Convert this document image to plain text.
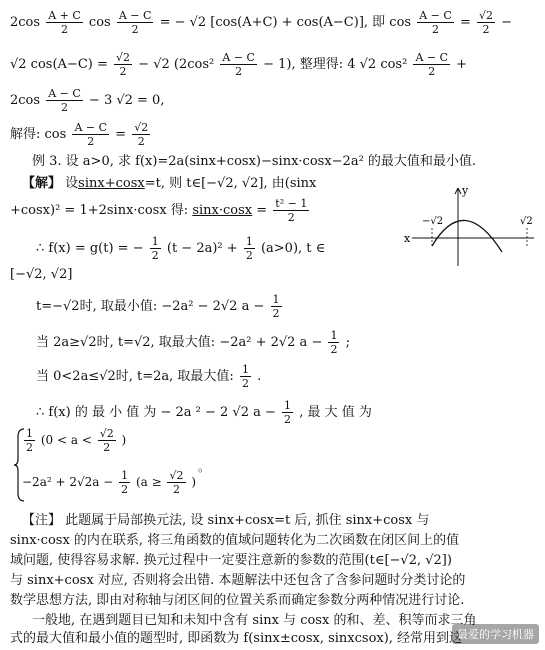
$2\cos \frac{A + C}{2}$ $\cos \frac{A - C}{2}$ = − √2 [cos(A+C) + cos(A−C)], 即 $\cos \frac{A - C}{2} = \frac{√2}{2}$ −
√2 $\cos(A-C) = \frac{√2}{2} - √2$ $(2\cos^2 \frac{A - C}{2} - 1)$, 整理得: 4 √2 $\cos^2 \frac{A - C}{2}$ +
$2\cos \frac{A - C}{2} - 3$ √2 = 0,
解得: $\cos \frac{A - C}{2} = \frac{√2}{2}$
例 3. 设 a>0, 求 f(x)=2a(sinx+cosx)−sinx·cosx−2a² 的最大值和最小值.
【解】 设sinx+cosx=t, 则 t∈[−√2, √2], 由(sinx
+cosx)² = 1+2sinx·cosx 得: $\sin x\cdot\cos x = \frac{\text{t² − 1}}{2}$
∴ f(x) = g(t) = − $\frac{1}{2} (t - 2a)^2 + \frac{1}{2} (a>0)$, t ∈
[−√2, √2]
t=−√2时, 取最小值: −2a² − 2√2 $a - \frac{1}{2}$
当 2a≥√2时, t=√2, 取最大值: −2a² + 2√2 $a - \frac{1}{2}$ ;
当 0<2a≤√2时, t=2a, 取最大值: $\frac{1}{2}$ .
∴ f(x) 的 最 小 值 为 − 2a ² − 2 √2 $a - \frac{1}{2}$ , 最 大 值 为
$\frac{1}{2} (0 < a < \frac{√2}{2}$ )
$-2a^2 + 2√2a - \frac{1}{2} (a \ge \frac{√2}{2}$ )
。
【注】 此题属于局部换元法, 设 sinx+cosx=t 后, 抓住 sinx+cosx 与
sinx·cosx 的内在联系, 将三角函数的值域问题转化为二次函数在闭区间上的值
域问题, 使得容易求解. 换元过程中一定要注意新的参数的范围(t∈[−√2, √2])
与 sinx+cosx 对应, 否则将会出错. 本题解法中还包含了含参问题时分类讨论的
数学思想方法, 即由对称轴与闭区间的位置关系而确定参数分两种情况进行讨论.
一般地, 在遇到题目已知和未知中含有 sinx 与 cosx 的和、差、积等而求三角
式的最大值和最小值的题型时, 即函数为 f(sinx±cosx, sinxcsox), 经常用到这
y
x
−√2	√2
最爱的学习机器
